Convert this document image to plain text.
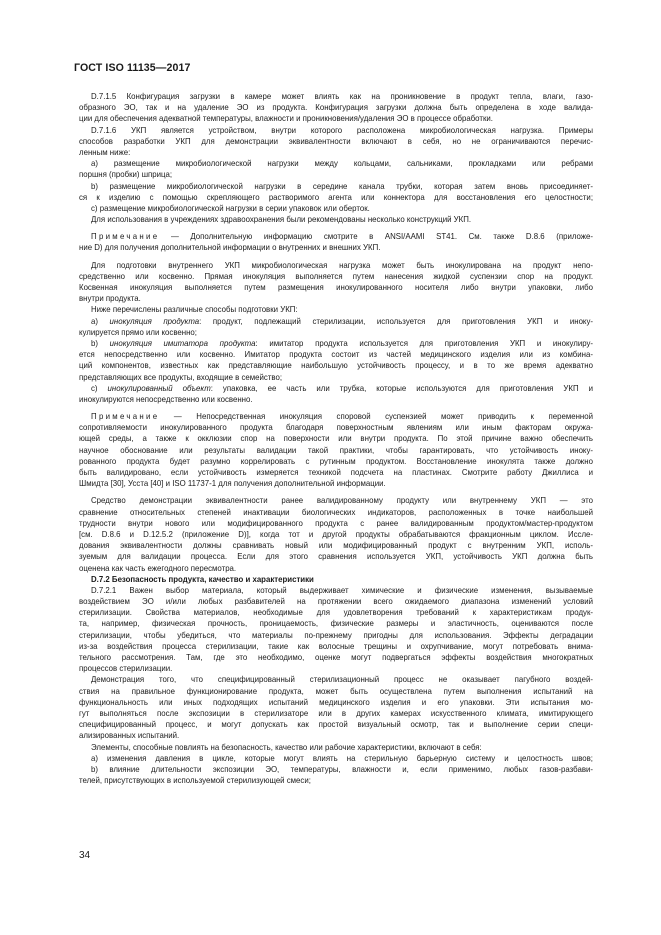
ГОСТ ISO 11135—2017
D.7.1.5 Конфигурация загрузки в камере может влиять как на проникновение в продукт тепла, влаги, газо-
образного ЭО, так и на удаление ЭО из продукта. Конфигурация загрузки должна быть определена в ходе валида-
ции для обеспечения адекватной температуры, влажности и проникновения/удаления ЭО в процессе обработки.
D.7.1.6 УКП является устройством, внутри которого расположена микробиологическая нагрузка. Примеры
способов разработки УКП для демонстрации эквивалентности включают в себя, но не ограничиваются перечис-
ленным ниже:
a) размещение микробиологической нагрузки между кольцами, сальниками, прокладками или ребрами
поршня (пробки) шприца;
b) размещение микробиологической нагрузки в середине канала трубки, которая затем вновь присоединяет-
ся к изделию с помощью скрепляющего растворимого агента или коннектора для восстановления его целостности;
c) размещение микробиологической нагрузки в серии упаковок или оберток.
Для использования в учреждениях здравоохранения были рекомендованы несколько конструкций УКП.
Примечание — Дополнительную информацию смотрите в ANSI/AAMI ST41. См. также D.8.6 (приложе-
ние D) для получения дополнительной информации о внутренних и внешних УКП.
Для подготовки внутреннего УКП микробиологическая нагрузка может быть инокулирована на продукт непо-
средственно или косвенно. Прямая инокуляция выполняется путем нанесения жидкой суспензии спор на продукт.
Косвенная инокуляция выполняется путем размещения инокулированного носителя либо внутри упаковки, либо
внутри продукта.
Ниже перечислены различные способы подготовки УКП:
a) инокуляция продукта: продукт, подлежащий стерилизации, используется для приготовления УКП и иноку-
кулируется прямо или косвенно;
b) инокуляция имитатора продукта: имитатор продукта используется для приготовления УКП и инокулиру-
ется непосредственно или косвенно. Имитатор продукта состоит из частей медицинского изделия или из комбина-
ций компонентов, известных как представляющие наибольшую устойчивость процессу, и в то же время адекватно
представляющих все продукты, входящие в семейство;
c) инокулированный объект: упаковка, ее часть или трубка, которые используются для приготовления УКП и
инокулируются непосредственно или косвенно.
Примечание — Непосредственная инокуляция споровой суспензией может приводить к переменной
сопротивляемости инокулированного продукта благодаря поверхностным явлениям или иным факторам окружа-
ющей среды, а также к окклюзии спор на поверхности или внутри продукта. По этой причине важно обеспечить
научное обоснование или результаты валидации такой практики, чтобы гарантировать, что устойчивость иноку-
рованного продукта будет разумно коррелировать с рутинным продуктом. Восстановление инокулята также должно
быть валидировано, если устойчивость измеряется техникой подсчета на пластинах. Смотрите работу Джиллиса и
Шмидта [30], Усста [40] и ISO 11737-1 для получения дополнительной информации.
Средство демонстрации эквивалентности ранее валидированному продукту или внутреннему УКП — это
сравнение относительных степеней инактивации биологических индикаторов, расположенных в точке наибольшей
трудности внутри нового или модифицированного продукта с ранее валидированным продуктом/мастер-продуктом
[см. D.8.6 и D.12.5.2 (приложение D)], когда тот и другой продукты обрабатываются фракционным циклом. Иссле-
дования эквивалентности должны сравнивать новый или модифицированный продукт с внутренним УКП, исполь-
зуемым для валидации процесса. Если для этого сравнения используется УКП, устойчивость УКП должна быть
оценена как часть ежегодного пересмотра.
D.7.2 Безопасность продукта, качество и характеристики
D.7.2.1 Важен выбор материала, который выдерживает химические и физические изменения, вызываемые
воздействием ЭО и/или любых разбавителей на протяжении всего ожидаемого диапазона изменений условий
стерилизации. Свойства материалов, необходимые для удовлетворения требований к характеристикам продук-
та, например, физическая прочность, проницаемость, физические размеры и эластичность, оцениваются после
стерилизации, чтобы убедиться, что материалы по-прежнему пригодны для использования. Эффекты деградации
из-за воздействия процесса стерилизации, такие как волосные трещины и охрупчивание, могут потребовать внима-
тельного рассмотрения. Там, где это необходимо, оценке могут подвергаться эффекты воздействия многократных
процессов стерилизации.
Демонстрация того, что специфицированный стерилизационный процесс не оказывает пагубного воздей-
ствия на правильное функционирование продукта, может быть осуществлена путем выполнения испытаний на
функциональность или иных подходящих испытаний медицинского изделия и его упаковки. Эти испытания мо-
гут выполняться после экспозиции в стерилизаторе или в других камерах искусственного климата, имитирующего
специфицированный процесс, и могут допускать как простой визуальный осмотр, так и выполнение серии специ-
ализированных испытаний.
Элементы, способные повлиять на безопасность, качество или рабочие характеристики, включают в себя:
a) изменения давления в цикле, которые могут влиять на стерильную барьерную систему и целостность швов;
b) влияние длительности экспозиции ЭО, температуры, влажности и, если применимо, любых газов-разбави-
телей, присутствующих в используемой стерилизующей смеси;
34
